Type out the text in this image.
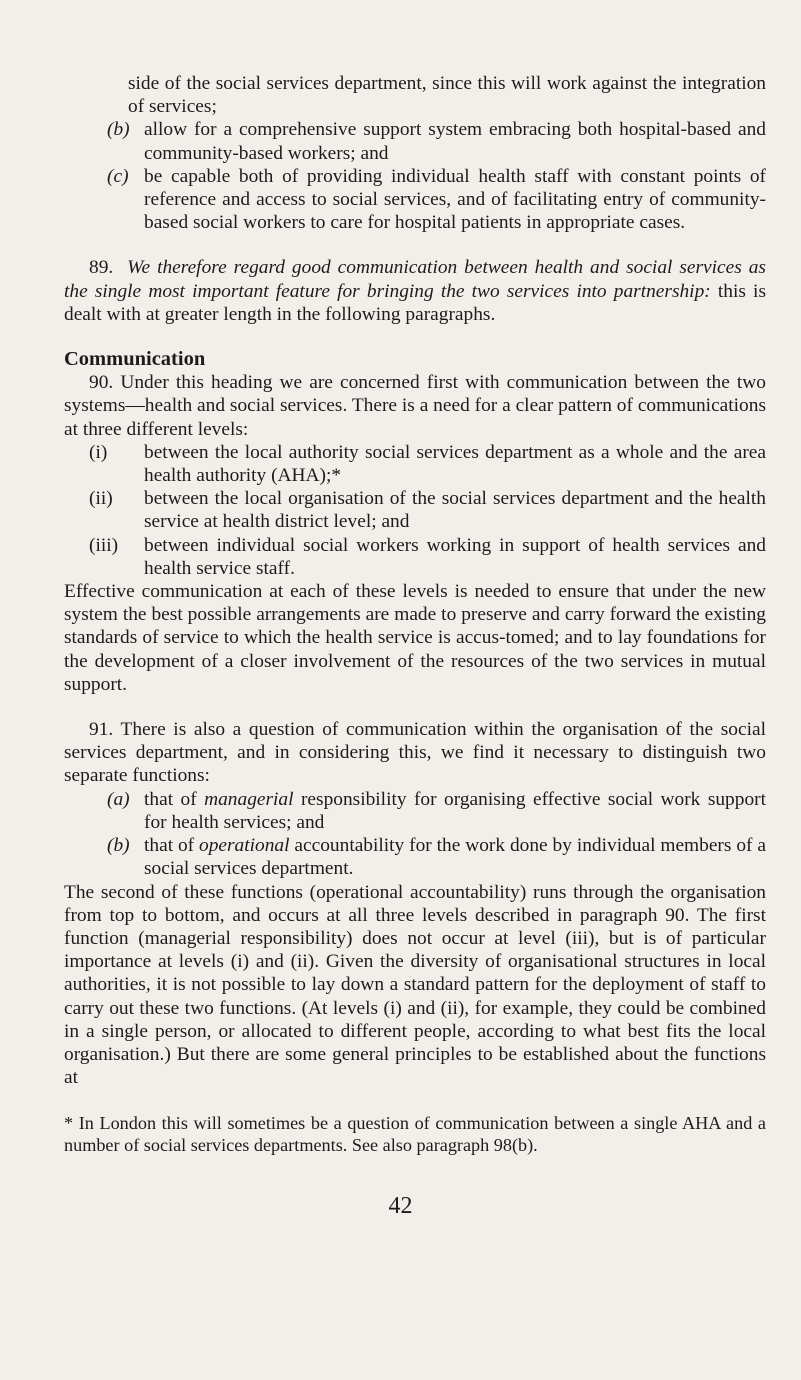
side of the social services department, since this will work against the integration of services;

(b) allow for a comprehensive support system embracing both hospital-based and community-based workers; and
(c) be capable both of providing individual health staff with constant points of reference and access to social services, and of facilitating entry of community-based social workers to care for hospital patients in appropriate cases.

89. We therefore regard good communication between health and social services as the single most important feature for bringing the two services into partnership: this is dealt with at greater length in the following paragraphs.

Communication

90. Under this heading we are concerned first with communication between the two systems—health and social services. There is a need for a clear pattern of communications at three different levels:

(i)	between the local authority social services department as a whole and the area health authority (AHA);*
(ii)	between the local organisation of the social services department and the health service at health district level; and
(iii)	between individual social workers working in support of health services and health service staff.

Effective communication at each of these levels is needed to ensure that under the new system the best possible arrangements are made to preserve and carry forward the existing standards of service to which the health service is accus-tomed; and to lay foundations for the development of a closer involvement of the resources of the two services in mutual support.

91. There is also a question of communication within the organisation of the social services department, and in considering this, we find it necessary to distinguish two separate functions:

(a) that of managerial responsibility for organising effective social work support for health services; and
(b) that of operational accountability for the work done by individual members of a social services department.

The second of these functions (operational accountability) runs through the organisation from top to bottom, and occurs at all three levels described in paragraph 90. The first function (managerial responsibility) does not occur at level (iii), but is of particular importance at levels (i) and (ii). Given the diversity of organisational structures in local authorities, it is not possible to lay down a standard pattern for the deployment of staff to carry out these two functions. (At levels (i) and (ii), for example, they could be combined in a single person, or allocated to different people, according to what best fits the local organisation.) But there are some general principles to be established about the functions at

* In London this will sometimes be a question of communication between a single AHA and a number of social services departments. See also paragraph 98(b).

42
